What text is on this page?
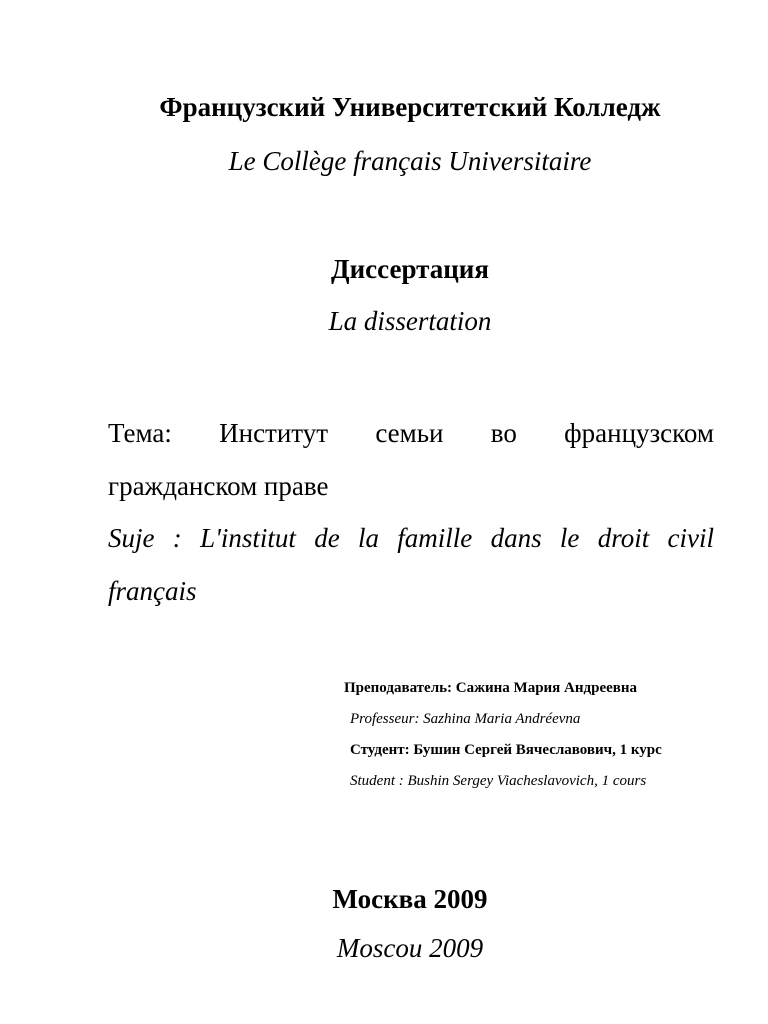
Французский Университетский Колледж
Le Collège français Universitaire
Диссертация
La dissertation
Тема: Институт семьи во французском
гражданском праве
Suje : L'institut de la famille dans le droit civil
français
Преподаватель: Сажина Мария Андреевна
Professeur: Sazhina Maria Andréevna
Студент: Бушин Сергей Вячеславович, 1 курс
Student : Bushin Sergey Viacheslavovich, 1 cours
Москва 2009
Moscou 2009
